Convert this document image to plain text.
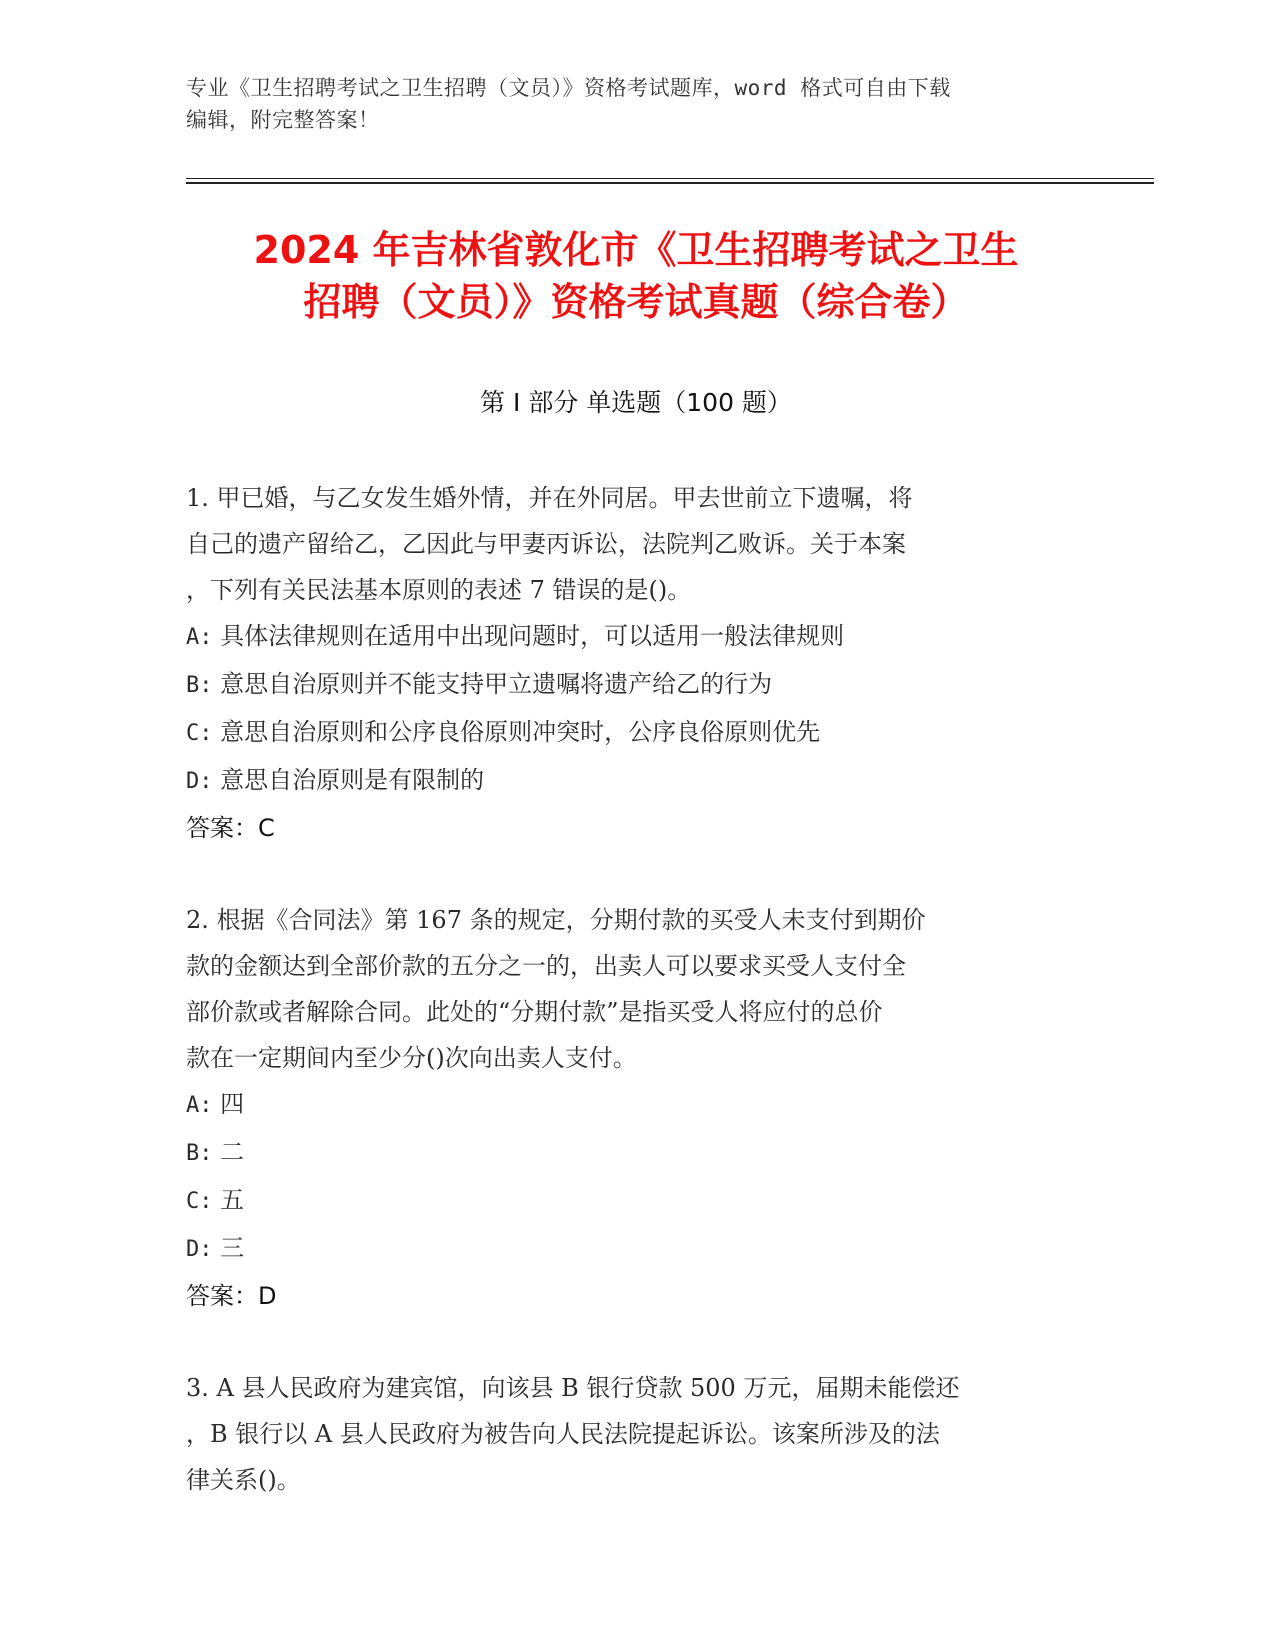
专业《卫生招聘考试之卫生招聘（文员）》资格考试题库，word 格式可自由下载
编辑，附完整答案！
2024 年吉林省敦化市《卫生招聘考试之卫生
招聘（文员）》资格考试真题（综合卷）
第 I 部分 单选题（100 题）
1. 甲已婚，与乙女发生婚外情，并在外同居。甲去世前立下遗嘱，将
自己的遗产留给乙，乙因此与甲妻丙诉讼，法院判乙败诉。关于本案
，下列有关民法基本原则的表述 7 错误的是()。
A: 具体法律规则在适用中出现问题时，可以适用一般法律规则
B: 意思自治原则并不能支持甲立遗嘱将遗产给乙的行为
C: 意思自治原则和公序良俗原则冲突时，公序良俗原则优先
D: 意思自治原则是有限制的
答案：C
2. 根据《合同法》第 167 条的规定，分期付款的买受人未支付到期价
款的金额达到全部价款的五分之一的，出卖人可以要求买受人支付全
部价款或者解除合同。此处的“分期付款”是指买受人将应付的总价
款在一定期间内至少分()次向出卖人支付。
A: 四
B: 二
C: 五
D: 三
答案：D
3. A 县人民政府为建宾馆，向该县 B 银行贷款 500 万元，届期未能偿还
，B 银行以 A 县人民政府为被告向人民法院提起诉讼。该案所涉及的法
律关系()。
